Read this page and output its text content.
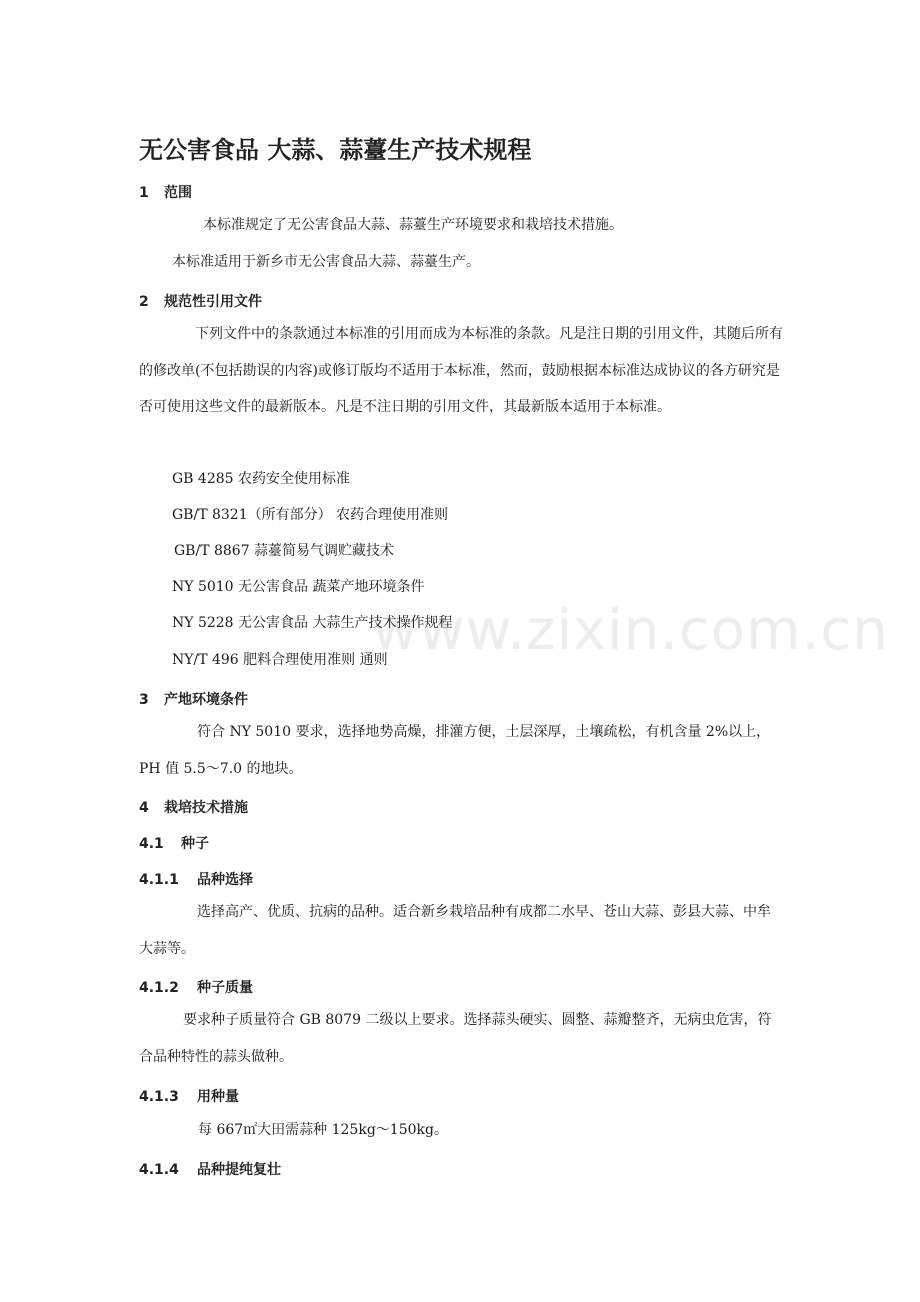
www.zixin.com.cn
无公害食品 大蒜、蒜薹生产技术规程
1 范围
本标准规定了无公害食品大蒜、蒜薹生产环境要求和栽培技术措施。
本标准适用于新乡市无公害食品大蒜、蒜薹生产。
2 规范性引用文件
下列文件中的条款通过本标准的引用而成为本标准的条款。凡是注日期的引用文件，其随后所有的修改单(不包括勘误的内容)或修订版均不适用于本标准，然而，鼓励根据本标准达成协议的各方研究是否可使用这些文件的最新版本。凡是不注日期的引用文件，其最新版本适用于本标准。
GB 4285 农药安全使用标准
GB/T 8321（所有部分） 农药合理使用准则
GB/T 8867 蒜薹简易气调贮藏技术
NY 5010 无公害食品 蔬菜产地环境条件
NY 5228 无公害食品 大蒜生产技术操作规程
NY/T 496 肥料合理使用准则 通则
3 产地环境条件
符合 NY 5010 要求，选择地势高燥，排灌方便，土层深厚，土壤疏松，有机含量 2%以上，PH 值 5.5～7.0 的地块。
4 栽培技术措施
4.1 种子
4.1.1 品种选择
选择高产、优质、抗病的品种。适合新乡栽培品种有成都二水早、苍山大蒜、彭县大蒜、中牟大蒜等。
4.1.2 种子质量
要求种子质量符合 GB 8079 二级以上要求。选择蒜头硬实、圆整、蒜瓣整齐，无病虫危害，符合品种特性的蒜头做种。
4.1.3 用种量
每 667㎡大田需蒜种 125kg～150kg。
4.1.4 品种提纯复壮
